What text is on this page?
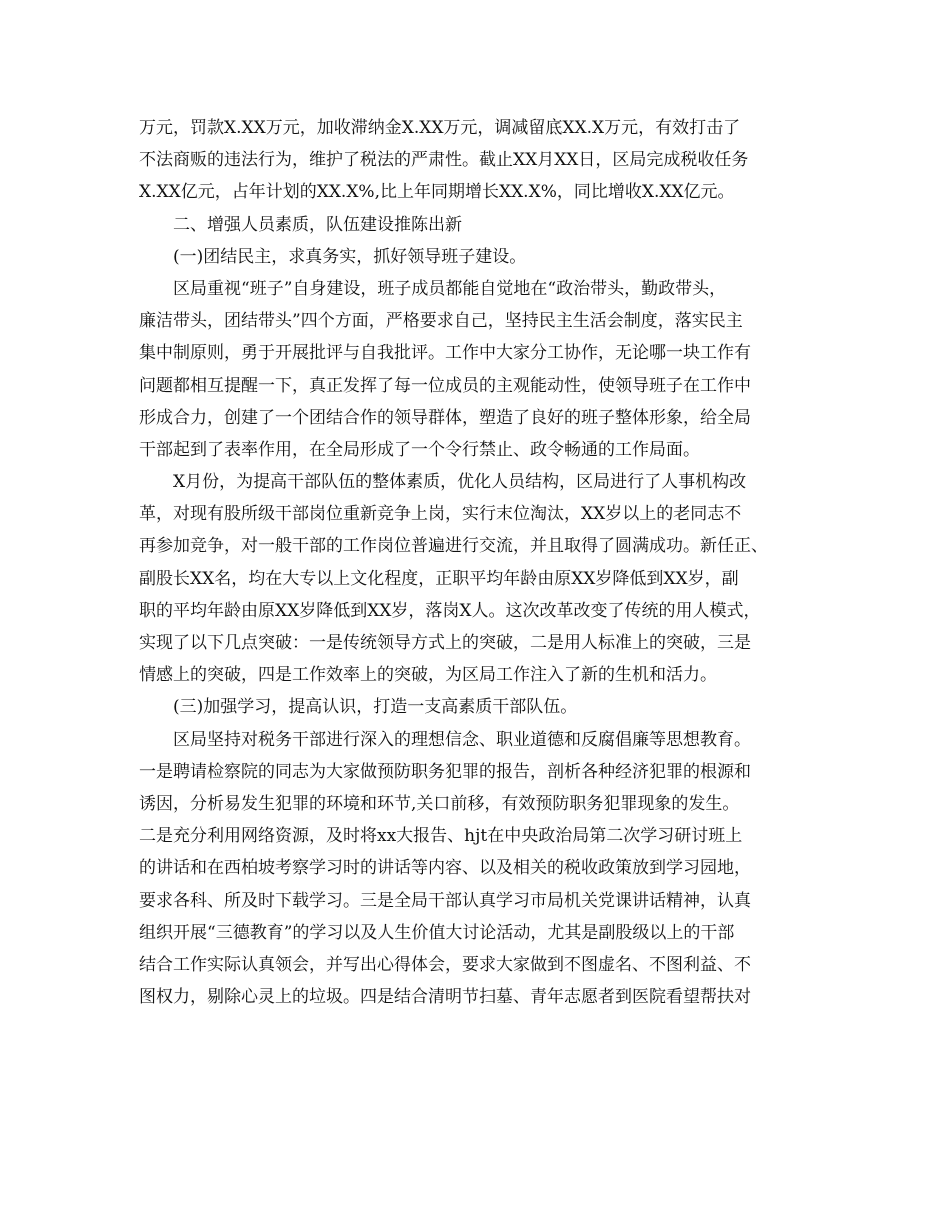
万元，罚款X.XX万元，加收滞纳金X.XX万元，调减留底XX.X万元，有效打击了
不法商贩的违法行为，维护了税法的严肃性。截止XX月XX日，区局完成税收任务
X.XX亿元，占年计划的XX.X%,比上年同期增长XX.X%，同比增收X.XX亿元。
二、增强人员素质，队伍建设推陈出新
(一)团结民主，求真务实，抓好领导班子建设。
区局重视“班子”自身建设，班子成员都能自觉地在“政治带头，勤政带头，
廉洁带头，团结带头”四个方面，严格要求自己，坚持民主生活会制度，落实民主
集中制原则，勇于开展批评与自我批评。工作中大家分工协作，无论哪一块工作有
问题都相互提醒一下，真正发挥了每一位成员的主观能动性，使领导班子在工作中
形成合力，创建了一个团结合作的领导群体，塑造了良好的班子整体形象，给全局
干部起到了表率作用，在全局形成了一个令行禁止、政令畅通的工作局面。
X月份，为提高干部队伍的整体素质，优化人员结构，区局进行了人事机构改
革，对现有股所级干部岗位重新竞争上岗，实行末位淘汰，XX岁以上的老同志不
再参加竞争，对一般干部的工作岗位普遍进行交流，并且取得了圆满成功。新任正、
副股长XX名，均在大专以上文化程度，正职平均年龄由原XX岁降低到XX岁，副
职的平均年龄由原XX岁降低到XX岁，落岗X人。这次改革改变了传统的用人模式，
实现了以下几点突破：一是传统领导方式上的突破，二是用人标准上的突破，三是
情感上的突破，四是工作效率上的突破，为区局工作注入了新的生机和活力。
(三)加强学习，提高认识，打造一支高素质干部队伍。
区局坚持对税务干部进行深入的理想信念、职业道德和反腐倡廉等思想教育。
一是聘请检察院的同志为大家做预防职务犯罪的报告，剖析各种经济犯罪的根源和
诱因，分析易发生犯罪的环境和环节,关口前移，有效预防职务犯罪现象的发生。
二是充分利用网络资源，及时将xx大报告、hjt在中央政治局第二次学习研讨班上
的讲话和在西柏坡考察学习时的讲话等内容、以及相关的税收政策放到学习园地，
要求各科、所及时下载学习。三是全局干部认真学习市局机关党课讲话精神，认真
组织开展“三德教育”的学习以及人生价值大讨论活动，尤其是副股级以上的干部
结合工作实际认真领会，并写出心得体会，要求大家做到不图虚名、不图利益、不
图权力，剔除心灵上的垃圾。四是结合清明节扫墓、青年志愿者到医院看望帮扶对
